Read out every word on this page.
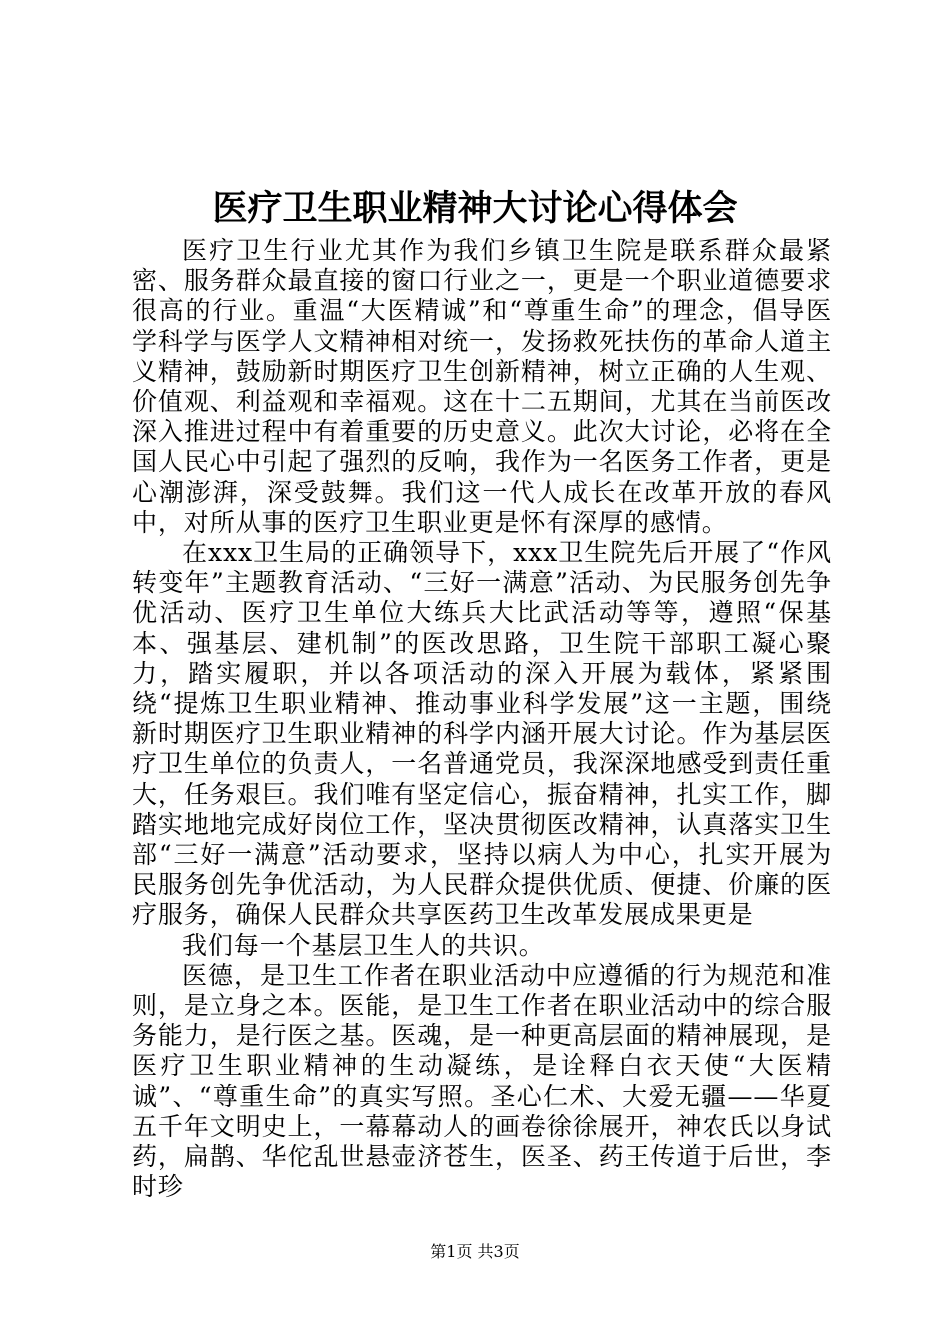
医疗卫生职业精神大讨论心得体会

医疗卫生行业尤其作为我们乡镇卫生院是联系群众最紧密、服务群众最直接的窗口行业之一，更是一个职业道德要求很高的行业。重温“大医精诚”和“尊重生命”的理念，倡导医学科学与医学人文精神相对统一，发扬救死扶伤的革命人道主义精神，鼓励新时期医疗卫生创新精神，树立正确的人生观、价值观、利益观和幸福观。这在十二五期间，尤其在当前医改深入推进过程中有着重要的历史意义。此次大讨论，必将在全国人民心中引起了强烈的反响，我作为一名医务工作者，更是心潮澎湃，深受鼓舞。我们这一代人成长在改革开放的春风中，对所从事的医疗卫生职业更是怀有深厚的感情。

在xxx卫生局的正确领导下，xxx卫生院先后开展了“作风转变年”主题教育活动、“三好一满意”活动、为民服务创先争优活动、医疗卫生单位大练兵大比武活动等等，遵照“保基本、强基层、建机制”的医改思路，卫生院干部职工凝心聚力，踏实履职，并以各项活动的深入开展为载体，紧紧围绕“提炼卫生职业精神、推动事业科学发展”这一主题，围绕新时期医疗卫生职业精神的科学内涵开展大讨论。作为基层医疗卫生单位的负责人，一名普通党员，我深深地感受到责任重大，任务艰巨。我们唯有坚定信心，振奋精神，扎实工作，脚踏实地地完成好岗位工作，坚决贯彻医改精神，认真落实卫生部“三好一满意”活动要求，坚持以病人为中心，扎实开展为民服务创先争优活动，为人民群众提供优质、便捷、价廉的医疗服务，确保人民群众共享医药卫生改革发展成果更是

我们每一个基层卫生人的共识。

医德，是卫生工作者在职业活动中应遵循的行为规范和准则，是立身之本。医能，是卫生工作者在职业活动中的综合服务能力，是行医之基。医魂，是一种更高层面的精神展现，是医疗卫生职业精神的生动凝练，是诠释白衣天使“大医精诚”、“尊重生命”的真实写照。圣心仁术、大爱无疆——华夏五千年文明史上，一幕幕动人的画卷徐徐展开，神农氏以身试药，扁鹊、华佗乱世悬壶济苍生，医圣、药王传道于后世，李时珍

第1页 共3页
